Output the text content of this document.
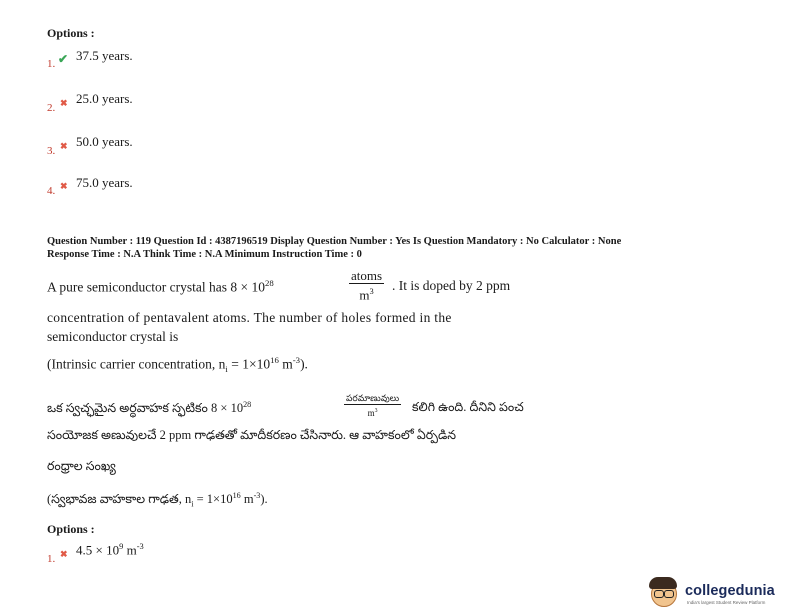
Options :
1. ✔ 37.5 years.
2. ✖ 25.0 years.
3. ✖ 50.0 years.
4. ✖ 75.0 years.
Question Number : 119 Question Id : 4387196519 Display Question Number : Yes Is Question Mandatory : No Calculator : None
Response Time : N.A Think Time : N.A Minimum Instruction Time : 0
A pure semiconductor crystal has $8 \times 10^{28}$	atoms
$m^3$	. It is doped by 2 ppm
concentration of pentavalent atoms. The number of holes formed in the
semiconductor crystal is
(Intrinsic carrier concentration, $n_i = 1\times 10^{16}$ $m^{-3}$).
ఒక స్వచ్ఛమైన అర్ధవాహక స్ఫటికం $8 \times 10^{28}$
పరమాణువులు
$m^3$	కలిగి ఉంది. దీనిని పంచ
సంయోజక అణువులచే 2 ppm గాఢతతో మాదీకరణం చేసినారు. ఆ వాహకంలో ఏర్పడిన
రంధ్రాల సంఖ్య
(స్వభావజ వాహకాల గాఢత, $n_i = 1\times 10^{16}$ $m^{-3}$).
Options :
1. ✖ $4.5 \times 10^9$ $m^{-3}$
collegedunia
India's largest Student Review Platform
